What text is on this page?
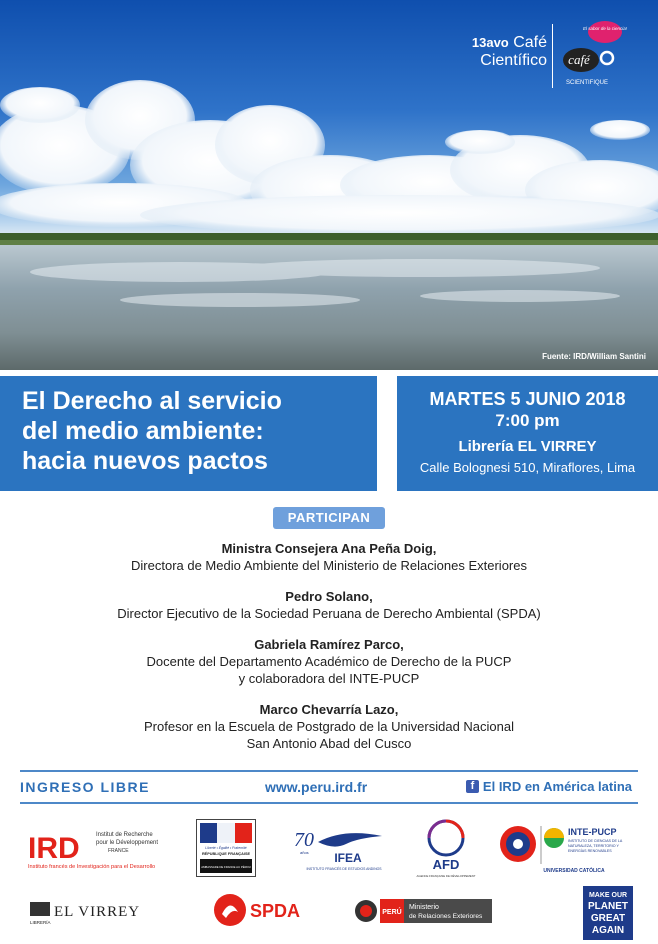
Fuente: IRD/William Santini
13avo Café
Científico
El sabor de la ciencia!
café
SCIENTIFIQUE
El Derecho al servicio
del medio ambiente:
hacia nuevos pactos
MARTES 5 JUNIO 2018
7:00 pm
Librería EL VIRREY
Calle Bolognesi 510, Miraflores, Lima
PARTICIPAN
Ministra Consejera Ana Peña Doig,
Directora de Medio Ambiente del Ministerio de Relaciones Exteriores
Pedro Solano,
Director Ejecutivo de la Sociedad Peruana de Derecho Ambiental (SPDA)
Gabriela Ramírez Parco,
Docente del Departamento Académico de Derecho de la PUCP
y colaboradora del INTE-PUCP
Marco Chevarría Lazo,
Profesor en la Escuela de Postgrado de la Universidad Nacional
San Antonio Abad del Cusco
INGRESO LIBRE	www.peru.ird.fr	f El IRD en América latina
IRD	Institut de Recherche
pour le Développement
FRANCE
Instituto francés de Investigación para el Desarrollo
Liberté • Égalité • Fraternité
RÉPUBLIQUE FRANÇAISE
AMBASSADE DE FRANCE AU PÉROU
70
años IFEA
INSTITUTO FRANCÉS DE ESTUDIOS ANDINOS	AFD
AGENCE FRANÇAISE DE DÉVELOPPEMENT
INTE-PUCP
INSTITUTO DE CIENCIAS DE LA
NATURALEZA, TERRITORIO Y
ENERGÍAS RENOVABLES
UNIVERSIDAD CATÓLICA
EL VIRREY
LIBRERÍA
SPDA	PERÚ
Ministerio
de Relaciones Exteriores
MAKE OUR
PLANET
GREAT
AGAIN
